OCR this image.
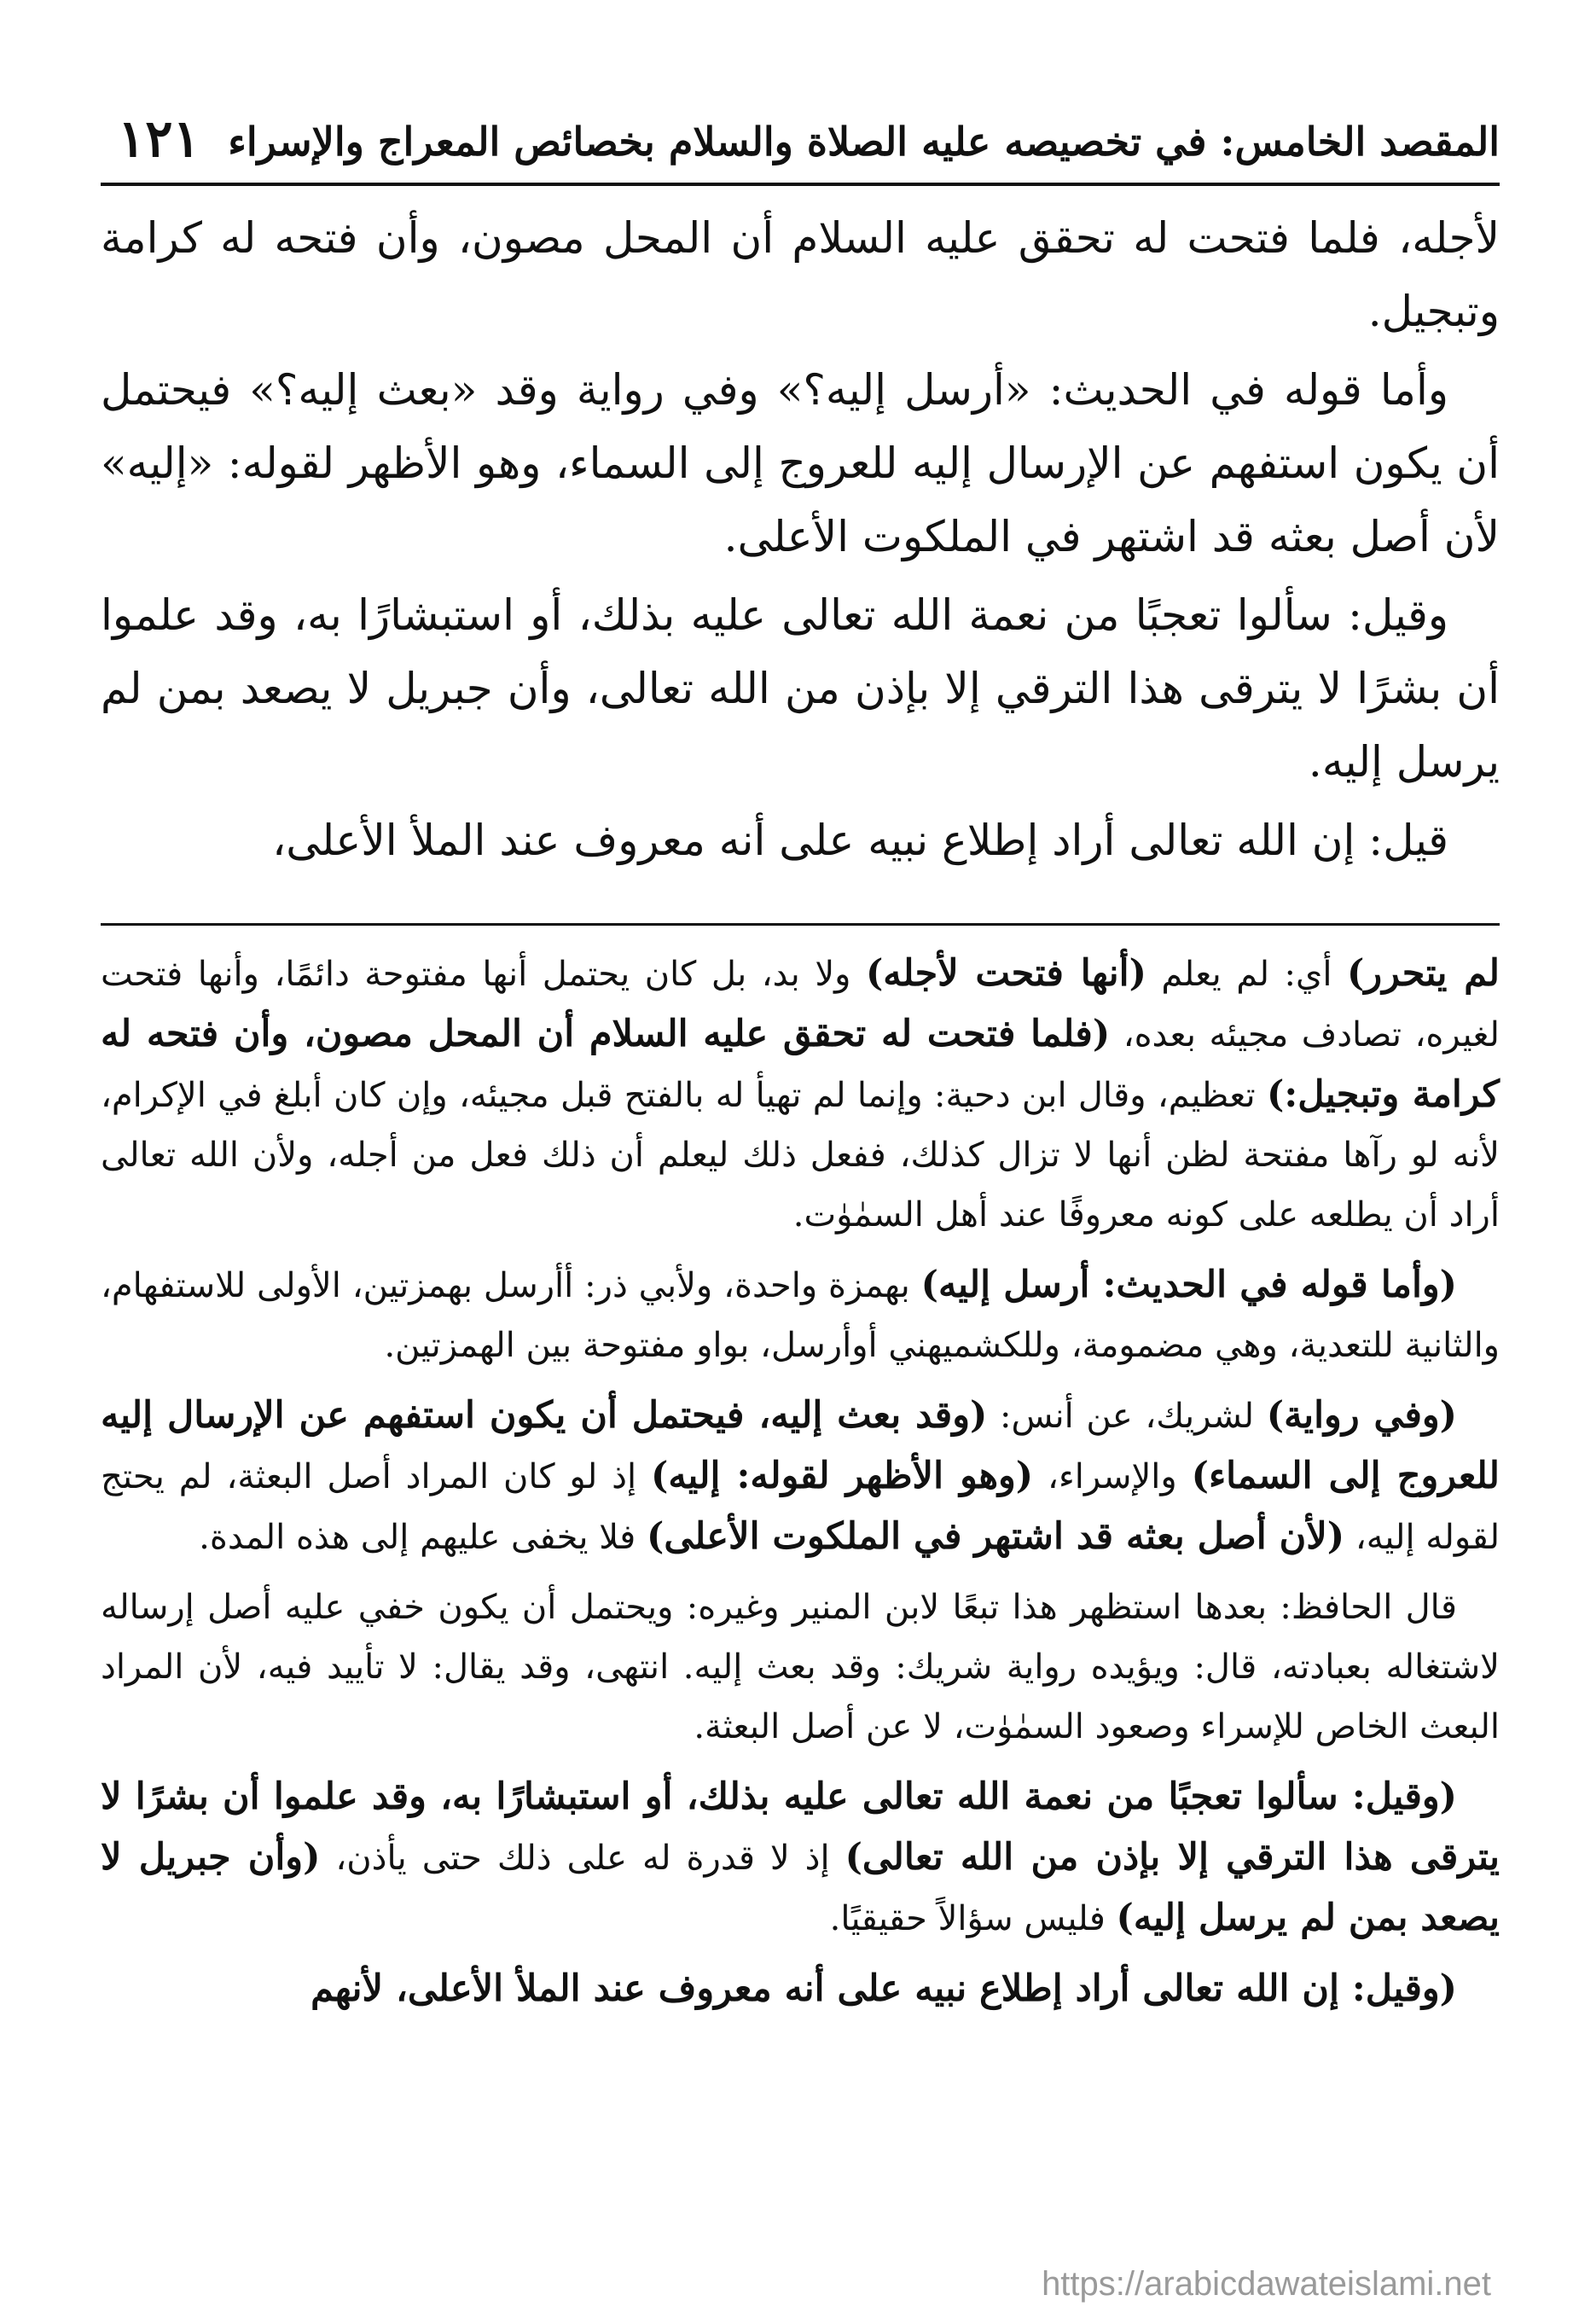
المقصد الخامس: في تخصيصه عليه الصلاة والسلام بخصائص المعراج والإسراء
١٢١

لأجله، فلما فتحت له تحقق عليه السلام أن المحل مصون، وأن فتحه له كرامة وتبجيل.

وأما قوله في الحديث: «أرسل إليه؟» وفي رواية وقد «بعث إليه؟» فيحتمل أن يكون استفهم عن الإرسال إليه للعروج إلى السماء، وهو الأظهر لقوله: «إليه» لأن أصل بعثه قد اشتهر في الملكوت الأعلى.

وقيل: سألوا تعجبًا من نعمة الله تعالى عليه بذلك، أو استبشارًا به، وقد علموا أن بشرًا لا يترقى هذا الترقي إلا بإذن من الله تعالى، وأن جبريل لا يصعد بمن لم يرسل إليه.

قيل: إن الله تعالى أراد إطلاع نبيه على أنه معروف عند الملأ الأعلى،

لم يتحرر) أي: لم يعلم (أنها فتحت لأجله) ولا بد، بل كان يحتمل أنها مفتوحة دائمًا، وأنها فتحت لغيره، تصادف مجيئه بعده، (فلما فتحت له تحقق عليه السلام أن المحل مصون، وأن فتحه له كرامة وتبجيل:) تعظيم، وقال ابن دحية: وإنما لم تهيأ له بالفتح قبل مجيئه، وإن كان أبلغ في الإكرام، لأنه لو رآها مفتحة لظن أنها لا تزال كذلك، ففعل ذلك ليعلم أن ذلك فعل من أجله، ولأن الله تعالى أراد أن يطلعه على كونه معروفًا عند أهل السمٰوٰت.

(وأما قوله في الحديث: أرسل إليه) بهمزة واحدة، ولأبي ذر: أأرسل بهمزتين، الأولى للاستفهام، والثانية للتعدية، وهي مضمومة، وللكشميهني أوأرسل، بواو مفتوحة بين الهمزتين.

(وفي رواية) لشريك، عن أنس: (وقد بعث إليه، فيحتمل أن يكون استفهم عن الإرسال إليه للعروج إلى السماء) والإسراء، (وهو الأظهر لقوله: إليه) إذ لو كان المراد أصل البعثة، لم يحتج لقوله إليه، (لأن أصل بعثه قد اشتهر في الملكوت الأعلى) فلا يخفى عليهم إلى هذه المدة.

قال الحافظ: بعدها استظهر هذا تبعًا لابن المنير وغيره: ويحتمل أن يكون خفي عليه أصل إرساله لاشتغاله بعبادته، قال: ويؤيده رواية شريك: وقد بعث إليه. انتهى، وقد يقال: لا تأييد فيه، لأن المراد البعث الخاص للإسراء وصعود السمٰوٰت، لا عن أصل البعثة.

(وقيل: سألوا تعجبًا من نعمة الله تعالى عليه بذلك، أو استبشارًا به، وقد علموا أن بشرًا لا يترقى هذا الترقي إلا بإذن من الله تعالى) إذ لا قدرة له على ذلك حتى يأذن، (وأن جبريل لا يصعد بمن لم يرسل إليه) فليس سؤالاً حقيقيًا.

(وقيل: إن الله تعالى أراد إطلاع نبيه على أنه معروف عند الملأ الأعلى، لأنهم

https://arabicdawateislami.net
